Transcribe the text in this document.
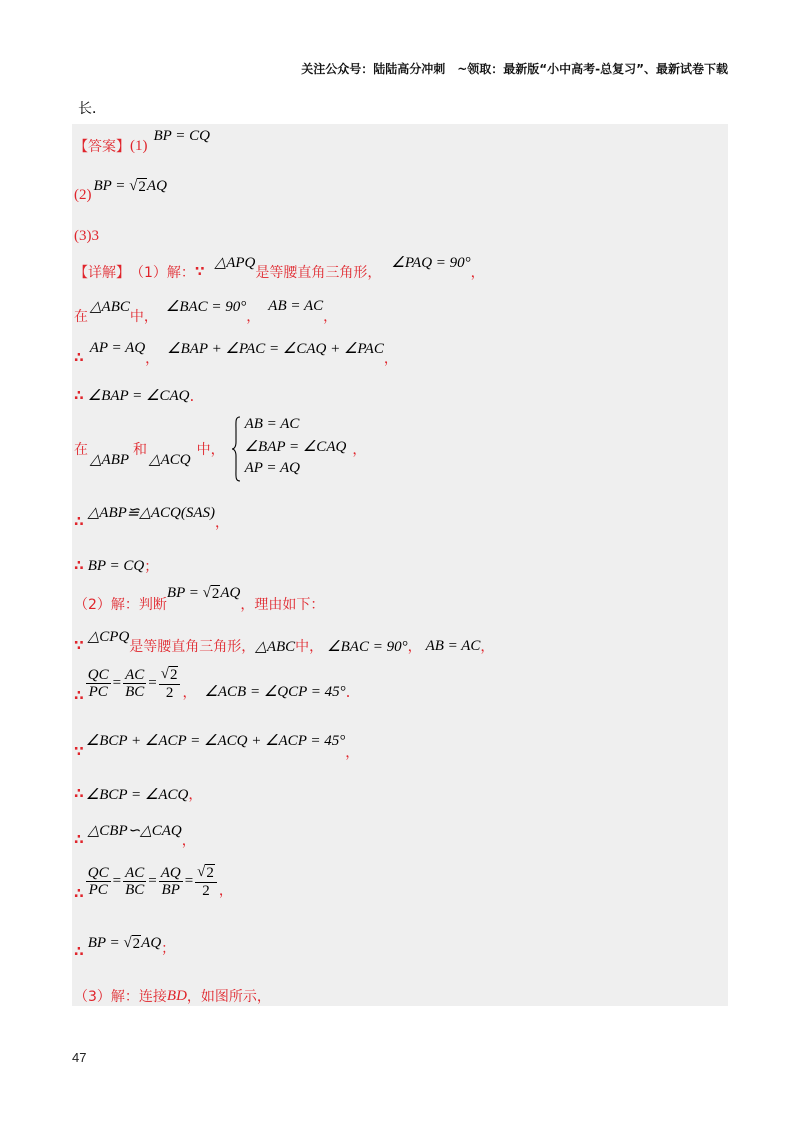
关注公众号：陆陆高分冲刺　~领取：最新版“小中高考-总复习”、最新试卷下载
长．
【答案】 (1)
BP = CQ
(2)
BP = √ 2 AQ
(3)3
【详解】 （1）解： ∵
△APQ
是等腰直角三角形，
∠PAQ = 90°
，
在
△ABC
中，
∠BAC = 90°
，
AB = AC
，
∴
AP = AQ
，
∠BAP + ∠PAC = ∠CAQ + ∠PAC
，
∴ ∠BAP = ∠CAQ .
在
△ABP
和
△ACQ
中，
AB = AC
∠BAP = ∠CAQ
AP = AQ
，
∴
△ABP≌△ACQ(SAS)
，
∴ BP = CQ ；
（2）解：判断
BP = √ 2 AQ
，理由如下：
∵
△CPQ
是等腰直角三角形， △ABC 中， ∠BAC = 90° ， AB = AC ，
∴ $\frac{QC}{PC} = \frac{AC}{BC} = \frac{√ 2}{2}$ ， ∠ACB = ∠QCP = 45° .
∵
∠BCP + ∠ACP = ∠ACQ + ∠ACP = 45°
，
∴ ∠BCP = ∠ACQ ，
∴
△CBP∽△CAQ
，
∴ $\frac{QC}{PC} = \frac{AC}{BC} = \frac{AQ}{BP} = \frac{√ 2}{2}$ ，
∴
BP = √ 2 AQ ；
（3）解：连接 BD ，如图所示，
47
